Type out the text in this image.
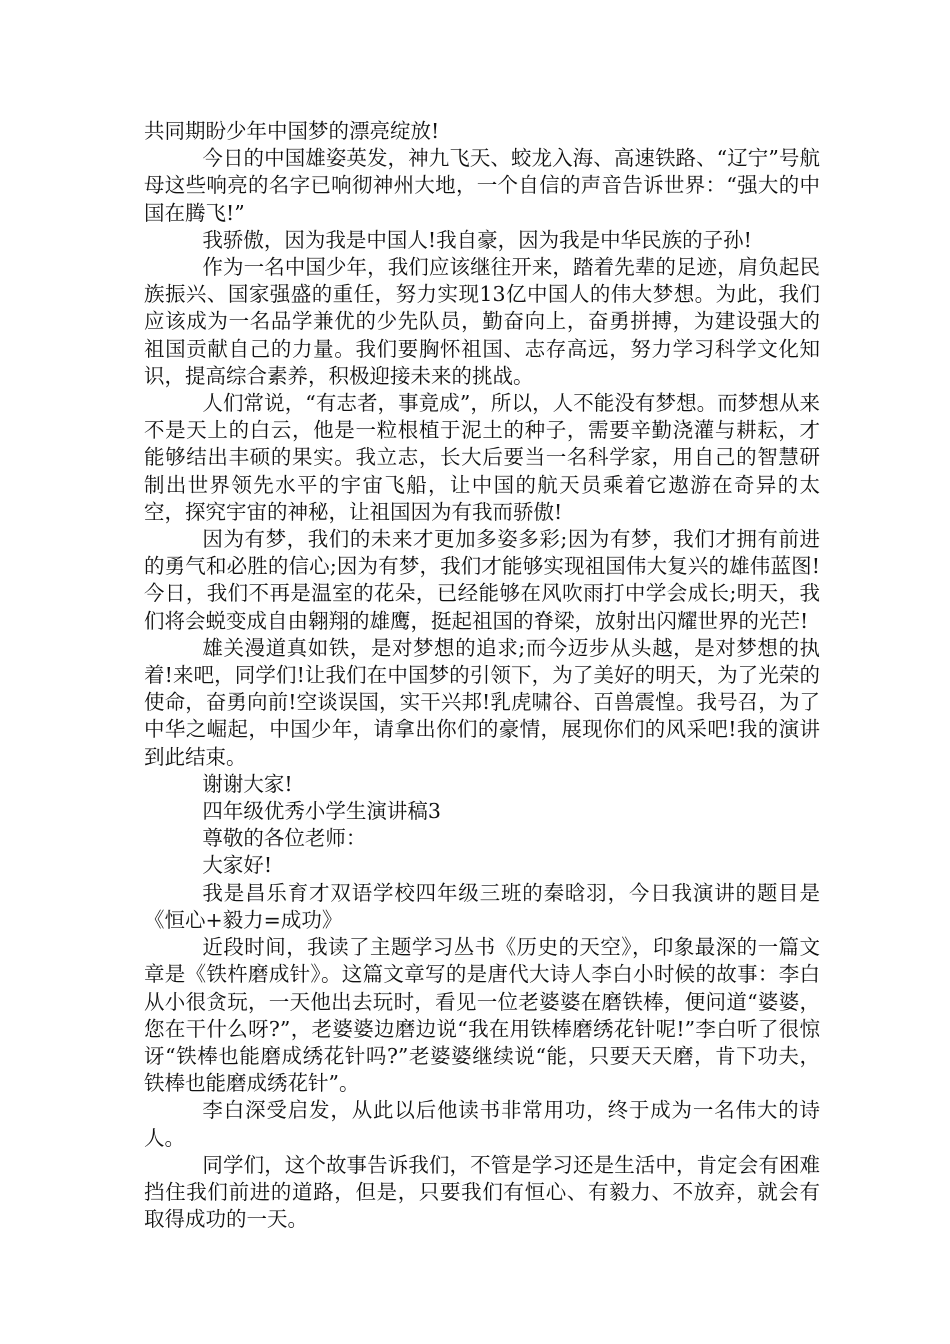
共同期盼少年中国梦的漂亮绽放!

今日的中国雄姿英发，神九飞天、蛟龙入海、高速铁路、“辽宁”号航母这些响亮的名字已响彻神州大地，一个自信的声音告诉世界：“强大的中国在腾飞!”

我骄傲，因为我是中国人!我自豪，因为我是中华民族的子孙!

作为一名中国少年，我们应该继往开来，踏着先辈的足迹，肩负起民族振兴、国家强盛的重任，努力实现13亿中国人的伟大梦想。为此，我们应该成为一名品学兼优的少先队员，勤奋向上，奋勇拼搏，为建设强大的祖国贡献自己的力量。我们要胸怀祖国、志存高远，努力学习科学文化知识，提高综合素养，积极迎接未来的挑战。

人们常说，“有志者，事竟成”，所以，人不能没有梦想。而梦想从来不是天上的白云，他是一粒根植于泥土的种子，需要辛勤浇灌与耕耘，才能够结出丰硕的果实。我立志，长大后要当一名科学家，用自己的智慧研制出世界领先水平的宇宙飞船，让中国的航天员乘着它遨游在奇异的太空，探究宇宙的神秘，让祖国因为有我而骄傲!

因为有梦，我们的未来才更加多姿多彩;因为有梦，我们才拥有前进的勇气和必胜的信心;因为有梦，我们才能够实现祖国伟大复兴的雄伟蓝图!今日，我们不再是温室的花朵，已经能够在风吹雨打中学会成长;明天，我们将会蜕变成自由翱翔的雄鹰，挺起祖国的脊梁，放射出闪耀世界的光芒!

雄关漫道真如铁，是对梦想的追求;而今迈步从头越，是对梦想的执着!来吧，同学们!让我们在中国梦的引领下，为了美好的明天，为了光荣的使命，奋勇向前!空谈误国，实干兴邦!乳虎啸谷、百兽震惶。我号召，为了中华之崛起，中国少年，请拿出你们的豪情，展现你们的风采吧!我的演讲到此结束。

谢谢大家!

四年级优秀小学生演讲稿3

尊敬的各位老师：

大家好!

我是昌乐育才双语学校四年级三班的秦晗羽，今日我演讲的题目是《恒心+毅力=成功》

近段时间，我读了主题学习丛书《历史的天空》，印象最深的一篇文章是《铁杵磨成针》。这篇文章写的是唐代大诗人李白小时候的故事：李白从小很贪玩，一天他出去玩时，看见一位老婆婆在磨铁棒，便问道“婆婆，您在干什么呀?”，老婆婆边磨边说“我在用铁棒磨绣花针呢!”李白听了很惊讶“铁棒也能磨成绣花针吗?”老婆婆继续说“能，只要天天磨，肯下功夫，铁棒也能磨成绣花针”。

李白深受启发，从此以后他读书非常用功，终于成为一名伟大的诗人。

同学们，这个故事告诉我们，不管是学习还是生活中，肯定会有困难挡住我们前进的道路，但是，只要我们有恒心、有毅力、不放弃，就会有取得成功的一天。
